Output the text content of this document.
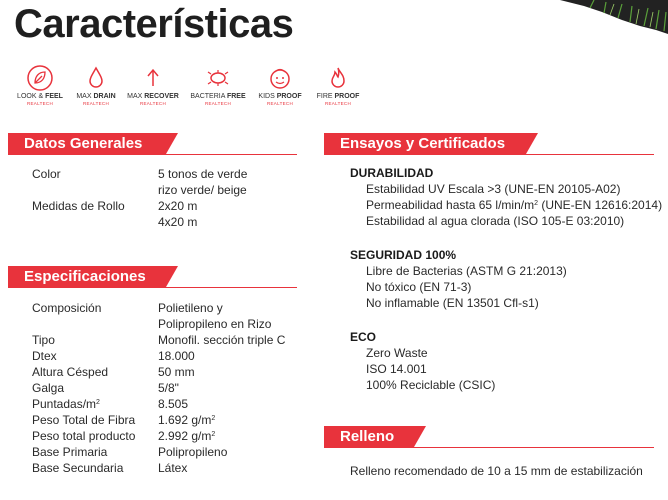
Características
LOOK & FEEL
REALTECH
MAX DRAIN
REALTECH
MAX RECOVER
REALTECH
BACTERIA FREE
REALTECH
KIDS PROOF
REALTECH
FIRE PROOF
REALTECH
Datos Generales
Color	5 tonos de verde
rizo verde/ beige
Medidas de Rollo	2x20 m
4x20 m
Especificaciones
Composición	Polietileno y
Polipropileno en Rizo
Tipo	Monofil. sección triple C
Dtex	18.000
Altura Césped	50 mm
Galga	5/8"
Puntadas/$m^2$	8.505
Peso Total de Fibra 1.692 $g/m^2$
Peso total producto 2.992 $g/m^2$
Base Primaria	Polipropileno
Base Secundaria	Látex
Ensayos y Certificados
DURABILIDAD
Estabilidad UV Escala >3 (UNE-EN 20105-A02)
Permeabilidad hasta 65 $l/\min/m^2$ (UNE-EN 12616:2014)
Estabilidad al agua clorada (ISO 105-E 03:2010)
SEGURIDAD 100%
Libre de Bacterias (ASTM G 21:2013)
No tóxico (EN 71-3)
No inflamable (EN 13501 Cfl-s1)
ECO
Zero Waste
ISO 14.001
100% Reciclable (CSIC)
Relleno
Relleno recomendado de 10 a 15 mm de estabilización
